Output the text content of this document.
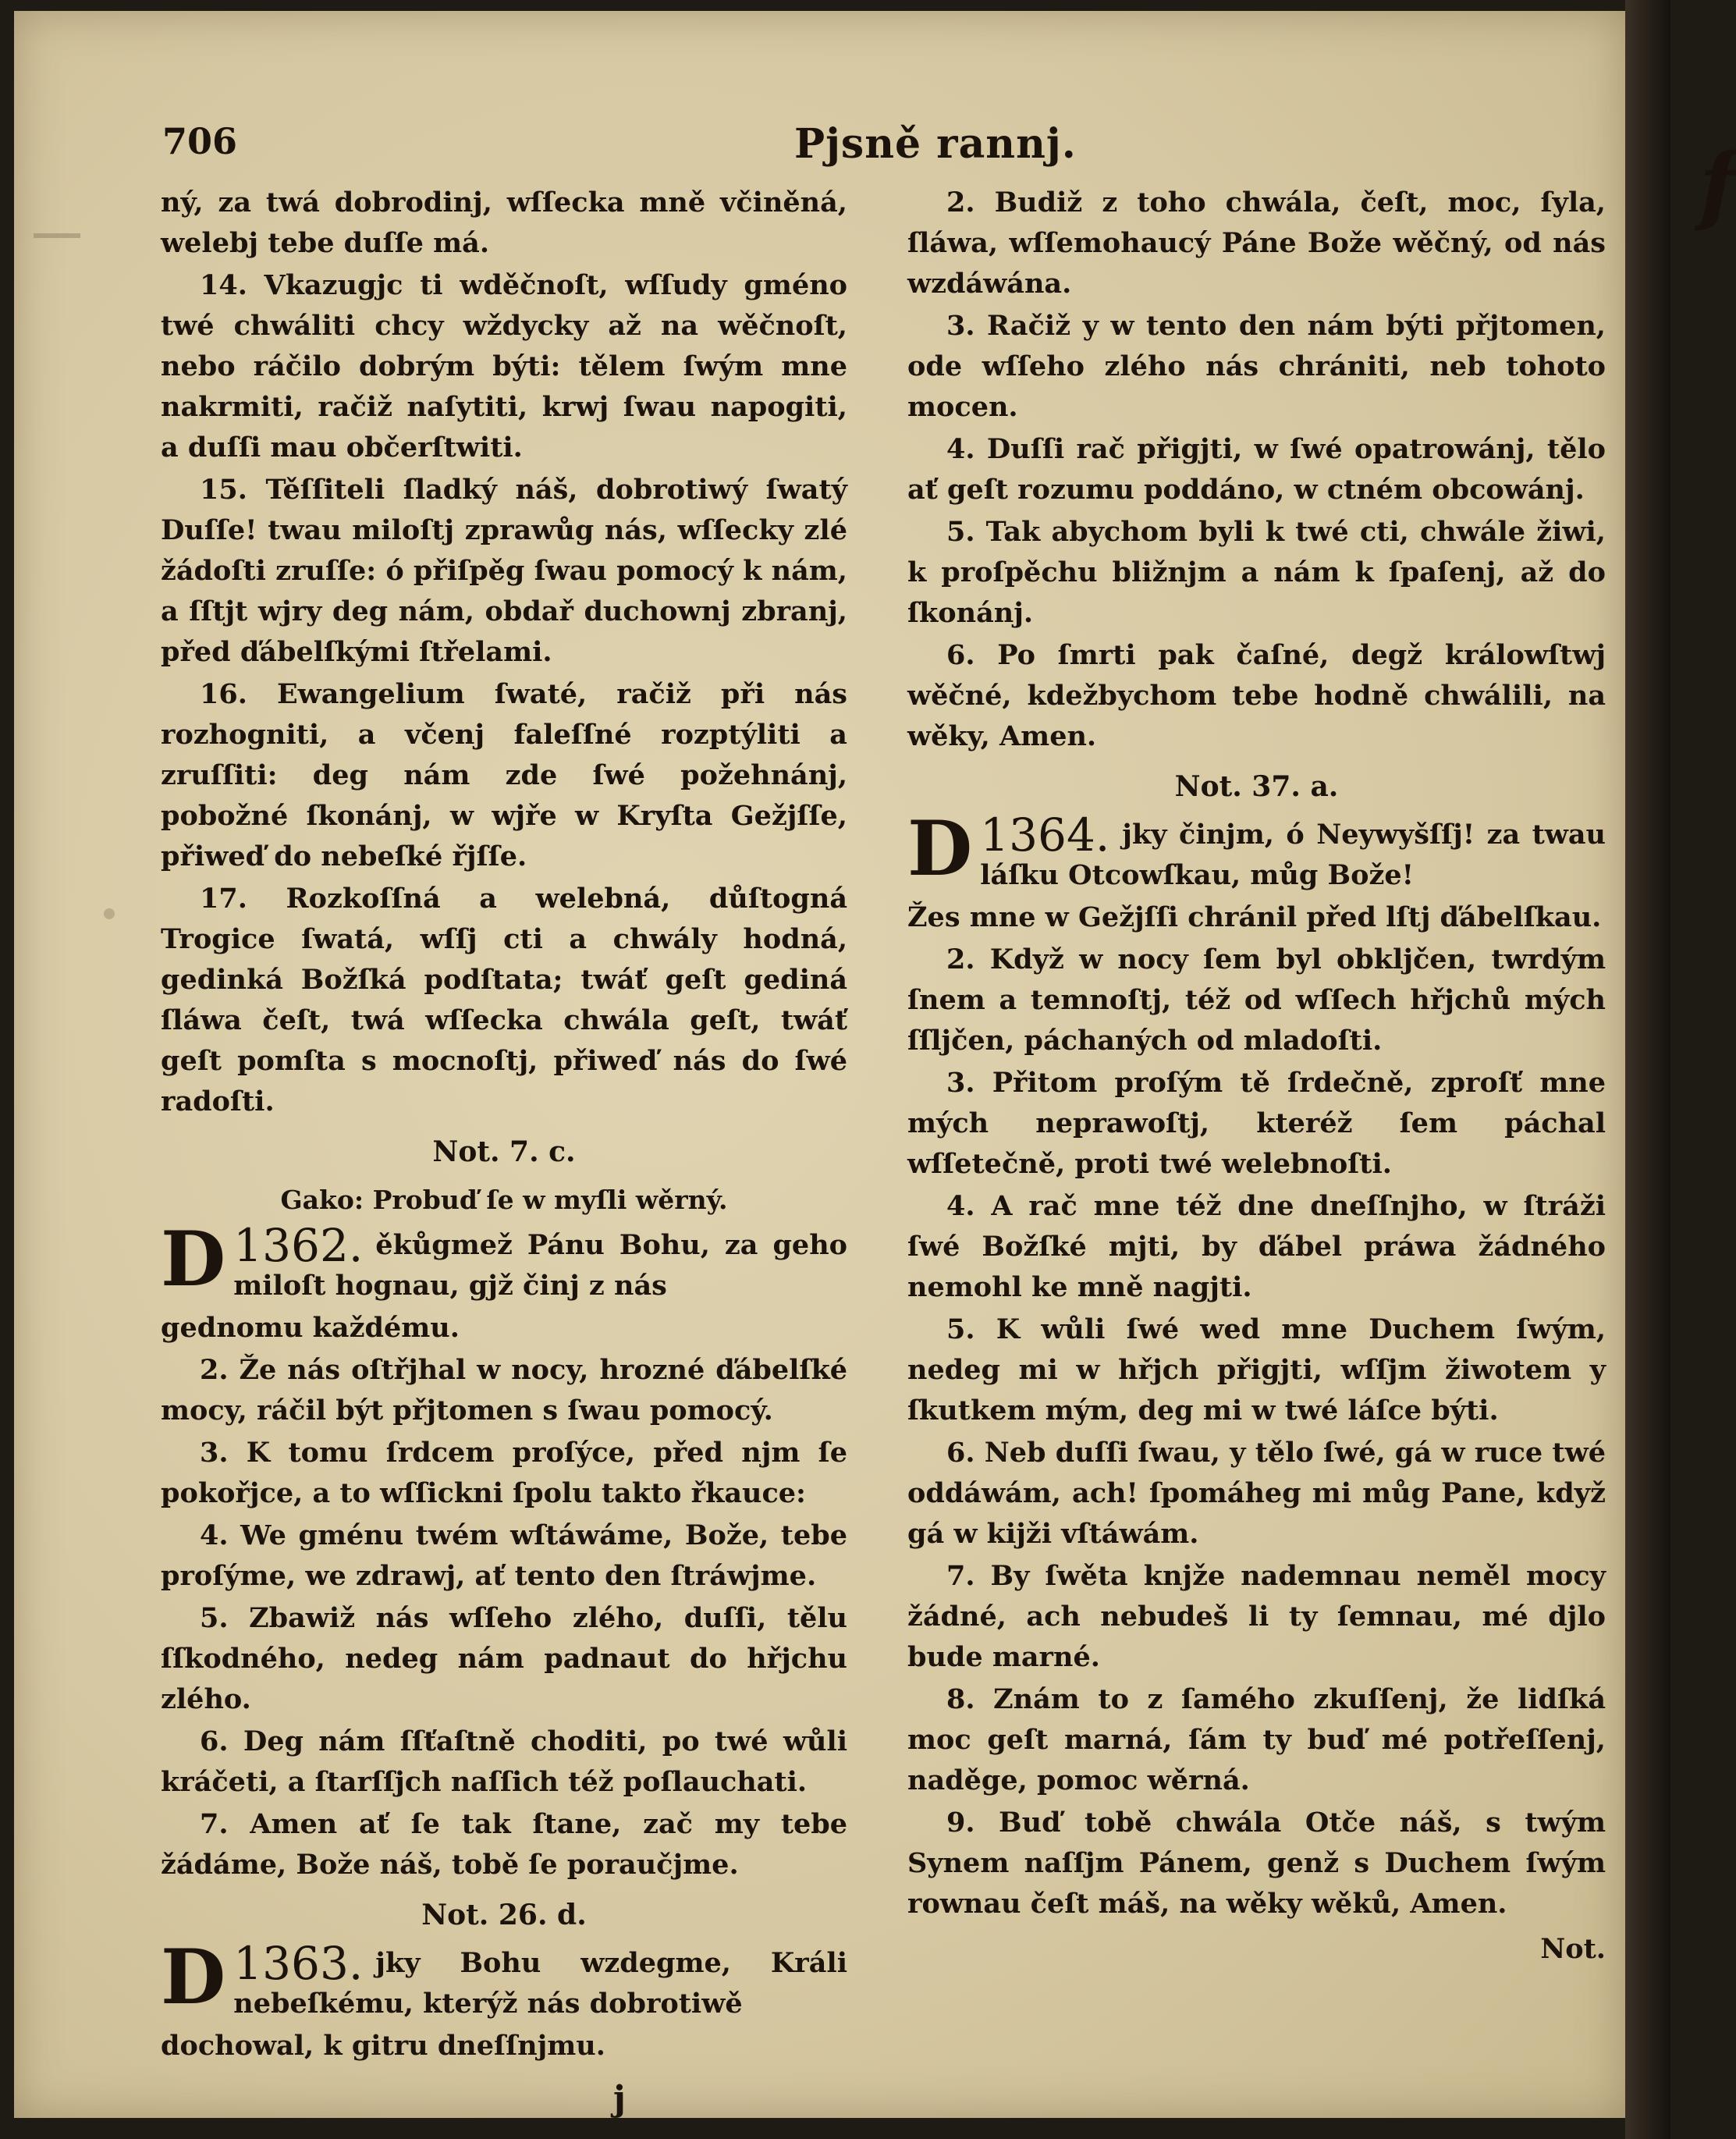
706	Pjsně rannj.	f

ný, za twá dobrodinj, wſſecka mně včiněná, welebj tebe duſſe má.

14. Vkazugjc ti wděčnoſt, wſſudy gméno twé chwáliti chcy wždycky až na wěčnoſt, nebo ráčilo dobrým býti: tělem ſwým mne nakrmiti, račiž naſytiti, krwj ſwau napogiti, a duſſi mau občerſtwiti.

15. Těſſiteli ſladký náš, dobrotiwý ſwatý Duſſe! twau miloſtj zprawůg nás, wſſecky zlé žádoſti zruſſe: ó přiſpěg ſwau pomocý k nám, a ſſtjt wjry deg nám, obdař duchownj zbranj, před ďábelſkými ſtřelami.

16. Ewangelium ſwaté, račiž při nás rozhogniti, a včenj faleſſné rozptýliti a zruſſiti: deg nám zde ſwé požehnánj, pobožné ſkonánj, w wjře w Kryſta Gežjſſe, přiweď do nebeſké řjſſe.

17. Rozkoſſná a welebná, důſtogná Trogice ſwatá, wſſj cti a chwály hodná, gedinká Božſká podſtata; twáť geſt gediná ſláwa čeſt, twá wſſecka chwála geſt, twáť geſt pomſta s mocnoſtj, přiweď nás do ſwé radoſti.

Not. 7. c.
Gako: Probuď ſe w myſli wěrný.

1362.
D	ěkůgmež Pánu Bohu, za geho miloſt hognau, gjž činj z nás

gednomu každému.

2. Že nás oſtřjhal w nocy, hrozné ďábelſké mocy, ráčil být přjtomen s ſwau pomocý.

3. K tomu ſrdcem proſýce, před njm ſe pokořjce, a to wſſickni ſpolu takto řkauce:

4. We gménu twém wſtáwáme, Bože, tebe proſýme, we zdrawj, ať tento den ſtráwjme.

5. Zbawiž nás wſſeho zlého, duſſi, tělu ſſkodného, nedeg nám padnaut do hřjchu zlého.

6. Deg nám ſſťaſtně choditi, po twé wůli kráčeti, a ſtarſſjch naſſich též poſlauchati.

7. Amen ať ſe tak ſtane, zač my tebe žádáme, Bože náš, tobě ſe poraučjme.

Not. 26. d.

1363.
D	jky Bohu wzdegme, Králi nebeſkému, kterýž nás dobrotiwě

dochowal, k gitru dneſſnjmu.

2. Budiž z toho chwála, čeſt, moc, ſyla, ſláwa, wſſemohaucý Páne Bože wěčný, od nás wzdáwána.

3. Račiž y w tento den nám býti přjtomen, ode wſſeho zlého nás chrániti, neb tohoto mocen.

4. Duſſi rač přigjti, w ſwé opatrowánj, tělo ať geſt rozumu poddáno, w ctném obcowánj.

5. Tak abychom byli k twé cti, chwále žiwi, k proſpěchu bližnjm a nám k ſpaſenj, až do ſkonánj.

6. Po ſmrti pak čaſné, degž králowſtwj wěčné, kdežbychom tebe hodně chwálili, na wěky, Amen.

Not. 37. a.

1364.
D	jky činjm, ó Neywyšſſj! za twau láſku Otcowſkau, můg Bože!

Žes mne w Gežjſſi chránil před lſtj ďábelſkau.

2. Když w nocy ſem byl obkljčen, twrdým ſnem a temnoſtj, též od wſſech hřjchů mých ſſljčen, páchaných od mladoſti.

3. Přitom proſým tě ſrdečně, zproſť mne mých neprawoſtj, kteréž ſem páchal wſſetečně, proti twé welebnoſti.

4. A rač mne též dne dneſſnjho, w ſtráži ſwé Božſké mjti, by ďábel práwa žádného nemohl ke mně nagjti.

5. K wůli ſwé wed mne Duchem ſwým, nedeg mi w hřjch přigjti, wſſjm žiwotem y ſkutkem mým, deg mi w twé láſce býti.

6. Neb duſſi ſwau, y tělo ſwé, gá w ruce twé oddáwám, ach! ſpomáheg mi můg Pane, když gá w kijži vſtáwám.

7. By ſwěta knjže nademnau neměl mocy žádné, ach nebudeš li ty ſemnau, mé djlo bude marné.

8. Znám to z ſamého zkuſſenj, že lidſká moc geſt marná, ſám ty buď mé potřeſſenj, naděge, pomoc wěrná.

9. Buď tobě chwála Otče náš, s twým Synem naſſjm Pánem, genž s Duchem ſwým rownau čeſt máš, na wěky wěků, Amen.

Not.

j
